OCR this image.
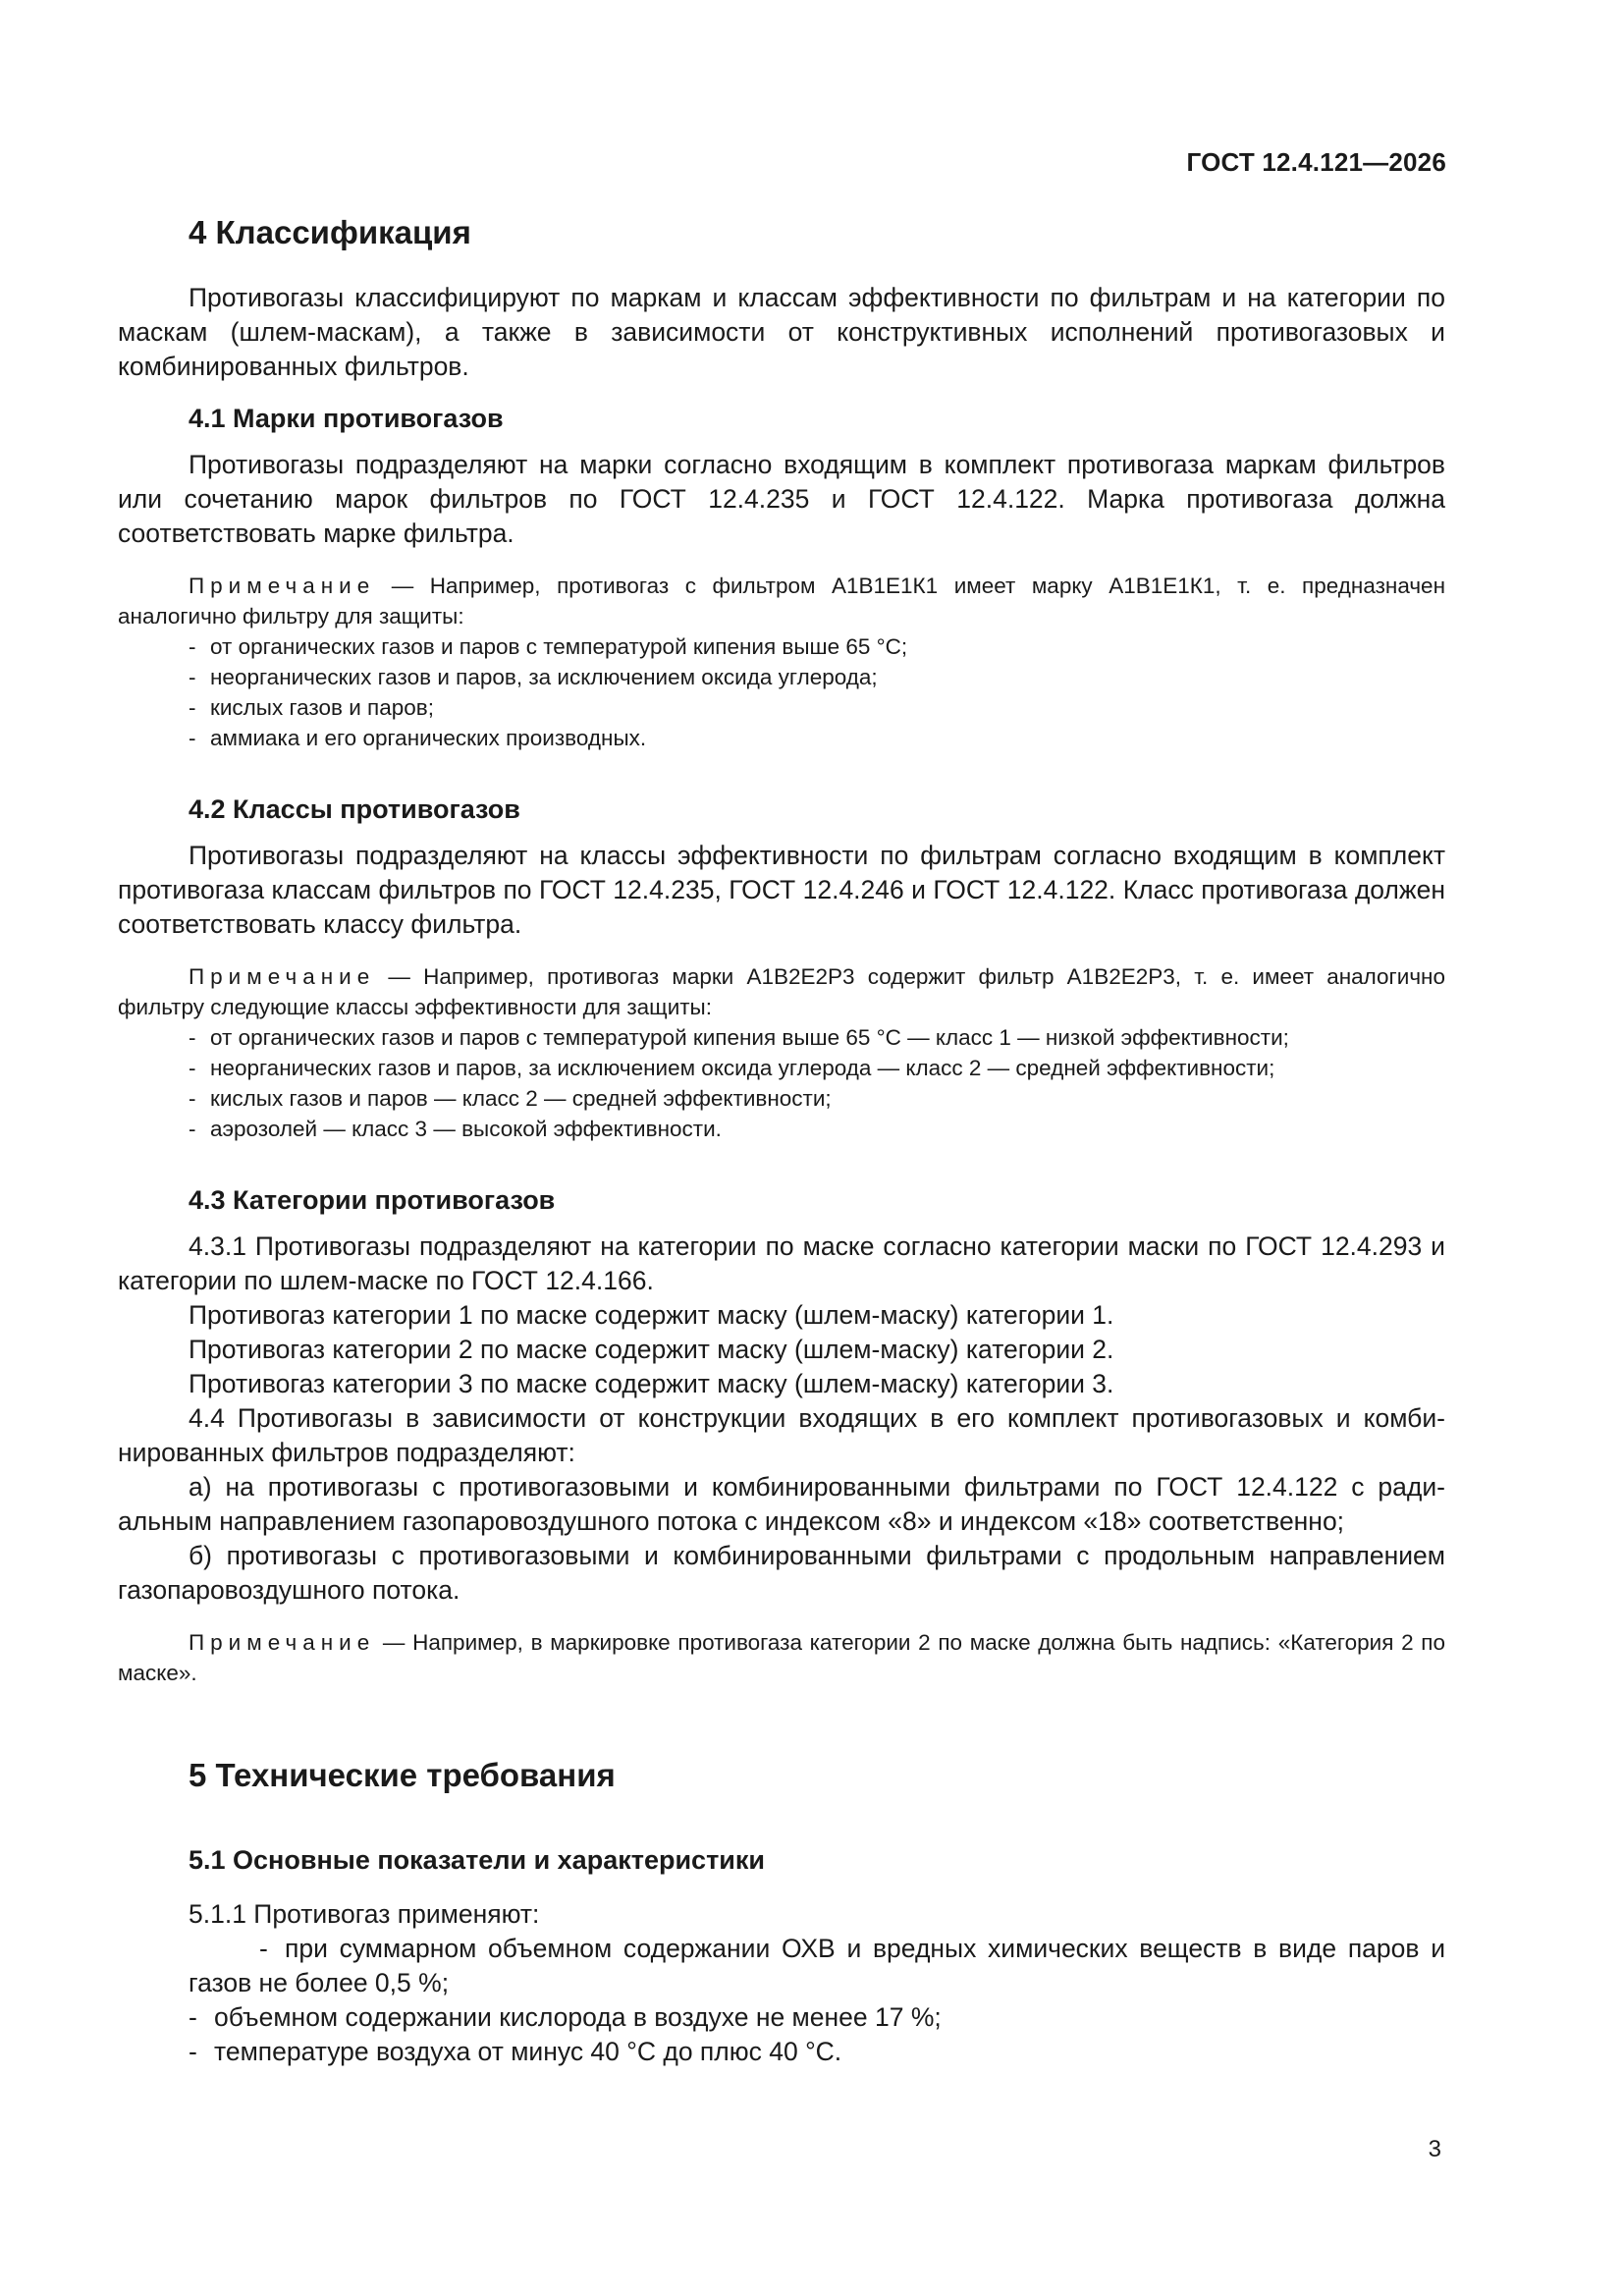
ГОСТ 12.4.121—2026
4 Классификация

Противогазы классифицируют по маркам и классам эффективности по фильтрам и на категории по маскам (шлем-маскам), а также в зависимости от конструктивных исполнений противогазовых и комбинированных фильтров.

4.1 Марки противогазов

Противогазы подразделяют на марки согласно входящим в комплект противогаза маркам фильтров или сочетанию марок фильтров по ГОСТ 12.4.235 и ГОСТ 12.4.122. Марка противогаза должна соответствовать марке фильтра.

Примечание — Например, противогаз с фильтром А1В1Е1К1 имеет марку А1В1Е1К1, т. е. предназначен аналогично фильтру для защиты:

- от органических газов и паров с температурой кипения выше 65 °С;
- неорганических газов и паров, за исключением оксида углерода;
- кислых газов и паров;
- аммиака и его органических производных.
4.2 Классы противогазов

Противогазы подразделяют на классы эффективности по фильтрам согласно входящим в комплект противогаза классам фильтров по ГОСТ 12.4.235, ГОСТ 12.4.246 и ГОСТ 12.4.122. Класс противогаза должен соответствовать классу фильтра.

Примечание — Например, противогаз марки А1В2Е2Р3 содержит фильтр А1В2Е2Р3, т. е. имеет аналогично фильтру следующие классы эффективности для защиты:

- от органических газов и паров с температурой кипения выше 65 °С — класс 1 — низкой эффективности;
- неорганических газов и паров, за исключением оксида углерода — класс 2 — средней эффективности;
- кислых газов и паров — класс 2 — средней эффективности;
- аэрозолей — класс 3 — высокой эффективности.
4.3 Категории противогазов

4.3.1 Противогазы подразделяют на категории по маске согласно категории маски по ГОСТ 12.4.293 и категории по шлем-маске по ГОСТ 12.4.166.

Противогаз категории 1 по маске содержит маску (шлем-маску) категории 1.

Противогаз категории 2 по маске содержит маску (шлем-маску) категории 2.

Противогаз категории 3 по маске содержит маску (шлем-маску) категории 3.

4.4 Противогазы в зависимости от конструкции входящих в его комплект противогазовых и комбинированных фильтров подразделяют:

а) на противогазы с противогазовыми и комбинированными фильтрами по ГОСТ 12.4.122 с радиальным направлением газопаровоздушного потока с индексом «8» и индексом «18» соответственно;

б) противогазы с противогазовыми и комбинированными фильтрами с продольным направлением газопаровоздушного потока.

Примечание — Например, в маркировке противогаза категории 2 по маске должна быть надпись: «Категория 2 по маске».

5 Технические требования
5.1 Основные показатели и характеристики

5.1.1 Противогаз применяют:

- при суммарном объемном содержании ОХВ и вредных химических веществ в виде паров и газов не более 0,5 %;
- объемном содержании кислорода в воздухе не менее 17 %;
- температуре воздуха от минус 40 °С до плюс 40 °С.
3
